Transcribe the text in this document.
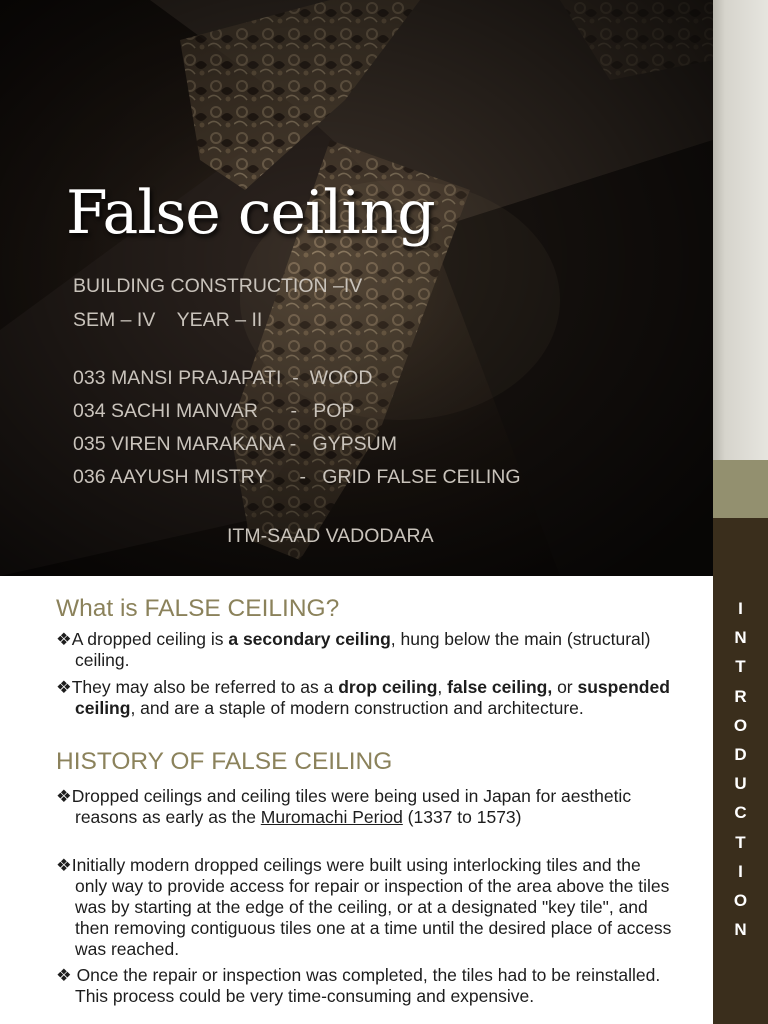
False ceiling
BUILDING CONSTRUCTION –IV
SEM – IV    YEAR – II
033 MANSI PRAJAPATI  -  WOOD
034 SACHI MANVAR      -   POP
035 VIREN MARAKANA -   GYPSUM
036 AAYUSH MISTRY      -   GRID FALSE CEILING
ITM-SAAD VADODARA
I
N
T
R
O
D
U
C
T
I
O
N
What is FALSE CEILING?
❖A dropped ceiling is a secondary ceiling, hung below the main (structural) ceiling.
❖They may also be referred to as a drop ceiling, false ceiling, or suspended ceiling, and are a staple of modern construction and architecture.
HISTORY OF FALSE CEILING
❖Dropped ceilings and ceiling tiles were being used in Japan for aesthetic reasons as early as the Muromachi Period (1337 to 1573)
❖Initially modern dropped ceilings were built using interlocking tiles and the only way to provide access for repair or inspection of the area above the tiles was by starting at the edge of the ceiling, or at a designated "key tile", and then removing contiguous tiles one at a time until the desired place of access was reached.
❖ Once the repair or inspection was completed, the tiles had to be reinstalled. This process could be very time-consuming and expensive.
